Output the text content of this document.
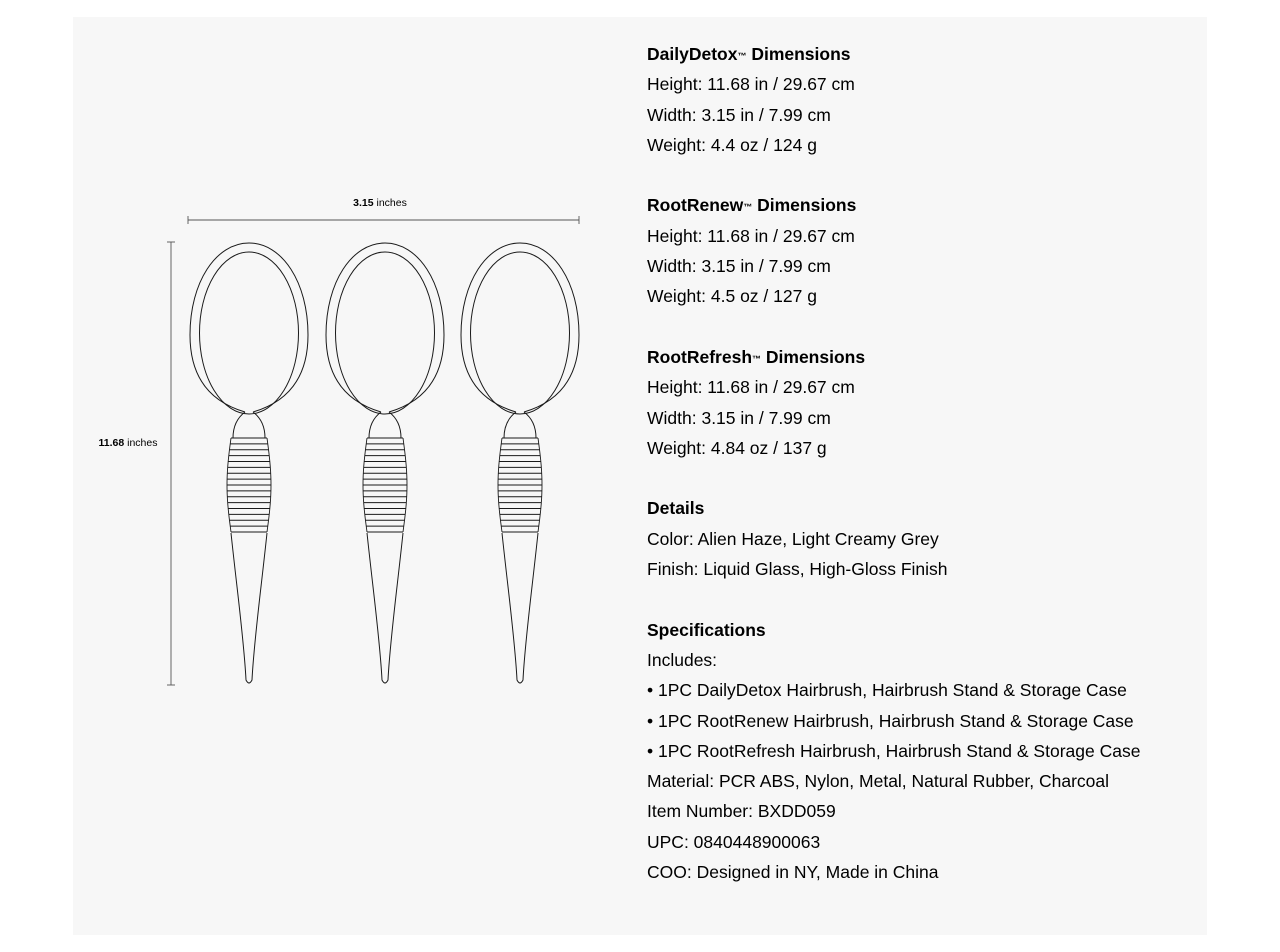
3.15 inches
11.68 inches
DailyDetox™ Dimensions
Height: 11.68 in / 29.67 cm
Width: 3.15 in / 7.99 cm
Weight: 4.4 oz / 124 g
RootRenew™ Dimensions
Height: 11.68 in / 29.67 cm
Width: 3.15 in / 7.99 cm
Weight: 4.5 oz / 127 g
RootRefresh™ Dimensions
Height: 11.68 in / 29.67 cm
Width: 3.15 in / 7.99 cm
Weight: 4.84 oz / 137 g
Details
Color: Alien Haze, Light Creamy Grey
Finish: Liquid Glass, High-Gloss Finish
Specifications
Includes:
• 1PC DailyDetox Hairbrush, Hairbrush Stand & Storage Case
• 1PC RootRenew Hairbrush, Hairbrush Stand & Storage Case
• 1PC RootRefresh Hairbrush, Hairbrush Stand & Storage Case
Material: PCR ABS, Nylon, Metal, Natural Rubber, Charcoal
Item Number: BXDD059
UPC: 0840448900063
COO: Designed in NY, Made in China
